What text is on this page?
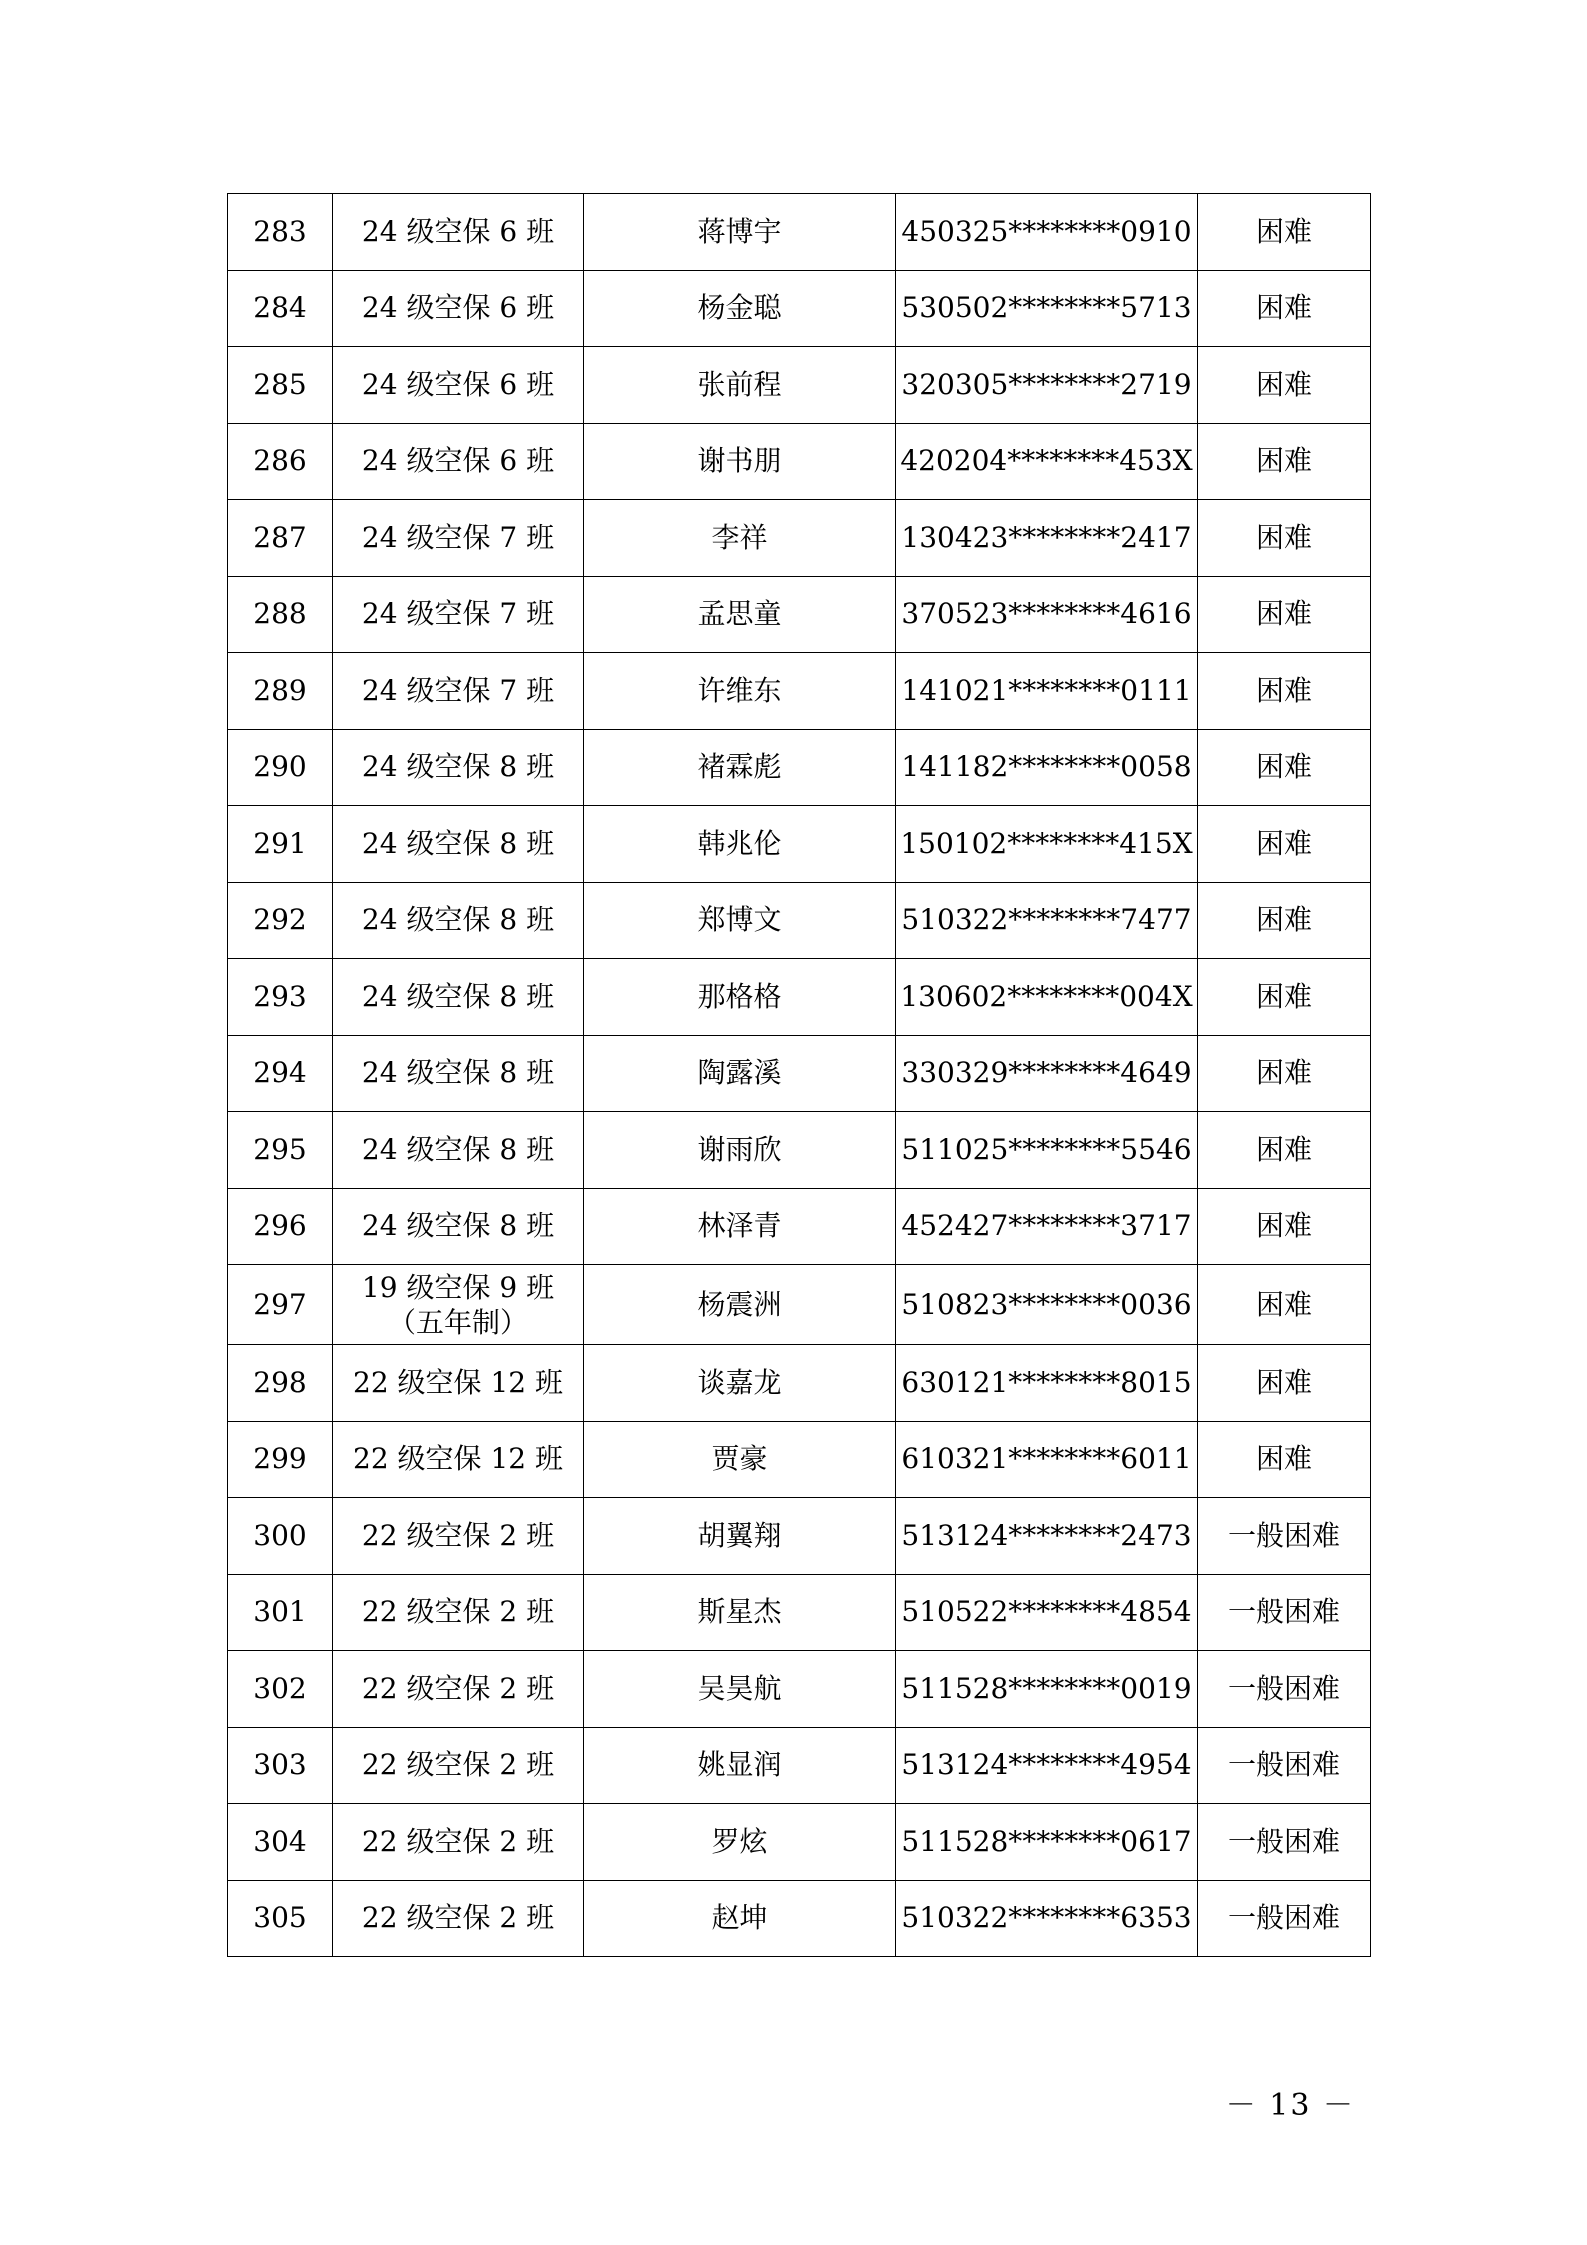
283	24 级空保 6 班	蒋博宇	450325********0910	困难
284	24 级空保 6 班	杨金聪	530502********5713	困难
285	24 级空保 6 班	张前程	320305********2719	困难
286	24 级空保 6 班	谢书朋	420204********453X	困难
287	24 级空保 7 班	李祥	130423********2417	困难
288	24 级空保 7 班	孟思童	370523********4616	困难
289	24 级空保 7 班	许维东	141021********0111	困难
290	24 级空保 8 班	褚霖彪	141182********0058	困难
291	24 级空保 8 班	韩兆伦	150102********415X	困难
292	24 级空保 8 班	郑博文	510322********7477	困难
293	24 级空保 8 班	那格格	130602********004X	困难
294	24 级空保 8 班	陶露溪	330329********4649	困难
295	24 级空保 8 班	谢雨欣	511025********5546	困难
296	24 级空保 8 班	林泽青	452427********3717	困难
297	19 级空保 9 班（五年制）	杨震洲	510823********0036	困难
298	22 级空保 12 班	谈嘉龙	630121********8015	困难
299	22 级空保 12 班	贾豪	610321********6011	困难
300	22 级空保 2 班	胡翼翔	513124********2473	一般困难
301	22 级空保 2 班	斯星杰	510522********4854	一般困难
302	22 级空保 2 班	吴昊航	511528********0019	一般困难
303	22 级空保 2 班	姚显润	513124********4954	一般困难
304	22 级空保 2 班	罗炫	511528********0617	一般困难
305	22 级空保 2 班	赵坤	510322********6353	一般困难
－ 13 －
